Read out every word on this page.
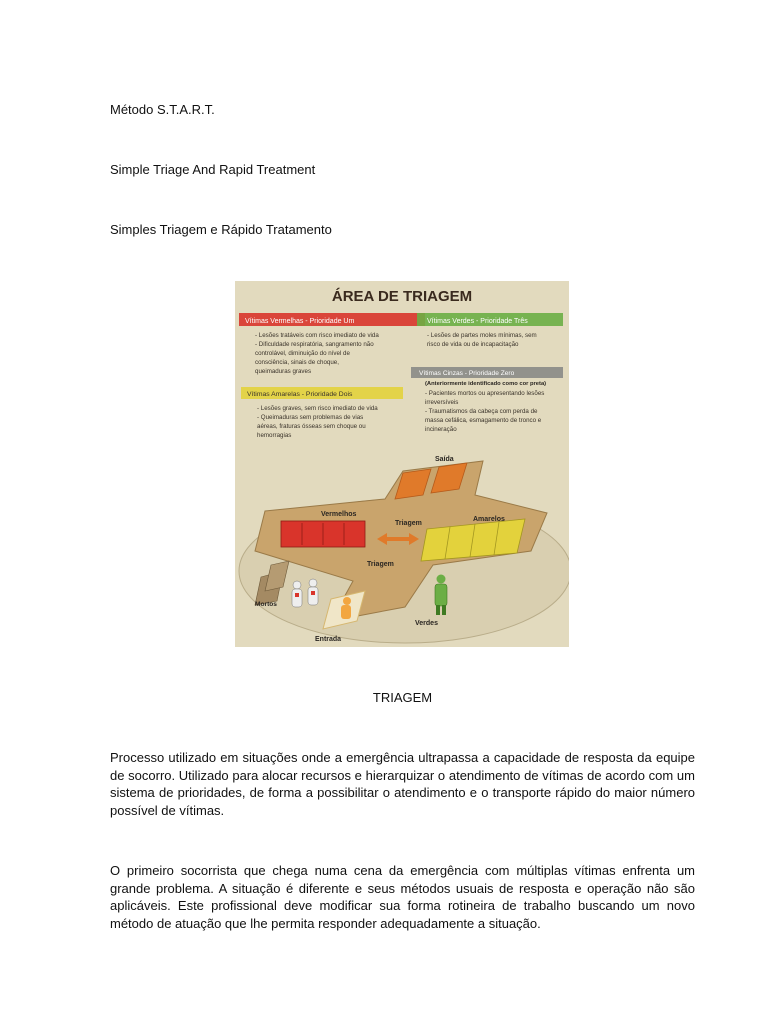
Método S.T.A.R.T.
Simple Triage And Rapid Treatment
Simples Triagem e Rápido Tratamento
ÁREA DE TRIAGEM
Vítimas Vermelhas - Prioridade Um
- Lesões tratáveis com risco imediato de vida - Dificuldade respiratória, sangramento não controlável, diminuição do nível de consciência, sinais de choque, queimaduras graves
Vítimas Verdes - Prioridade Três
- Lesões de partes moles mínimas, sem risco de vida ou de incapacitação
Vítimas Cinzas - Prioridade Zero
(Anteriormente identificado como cor preta)
- Pacientes mortos ou apresentando lesões irreversíveis - Traumatismos da cabeça com perda de massa cefálica, esmagamento de tronco e incineração
Vítimas Amarelas - Prioridade Dois
- Lesões graves, sem risco imediato de vida - Queimaduras sem problemas de vias aéreas, fraturas ósseas sem choque ou hemorragias
Saída
Vermelhos
Amarelos
Triagem
Triagem
Mortos
Entrada
Verdes
TRIAGEM

Processo utilizado em situações onde a emergência ultrapassa a capacidade de resposta da equipe de socorro. Utilizado para alocar recursos e hierarquizar o atendimento de vítimas de acordo com um sistema de prioridades, de forma a possibilitar o atendimento e o transporte rápido do maior número possível de vítimas.

O primeiro socorrista que chega numa cena da emergência com múltiplas vítimas enfrenta um grande problema. A situação é diferente e seus métodos usuais de resposta e operação não são aplicáveis. Este profissional deve modificar sua forma rotineira de trabalho buscando um novo método de atuação que lhe permita responder adequadamente a situação.
